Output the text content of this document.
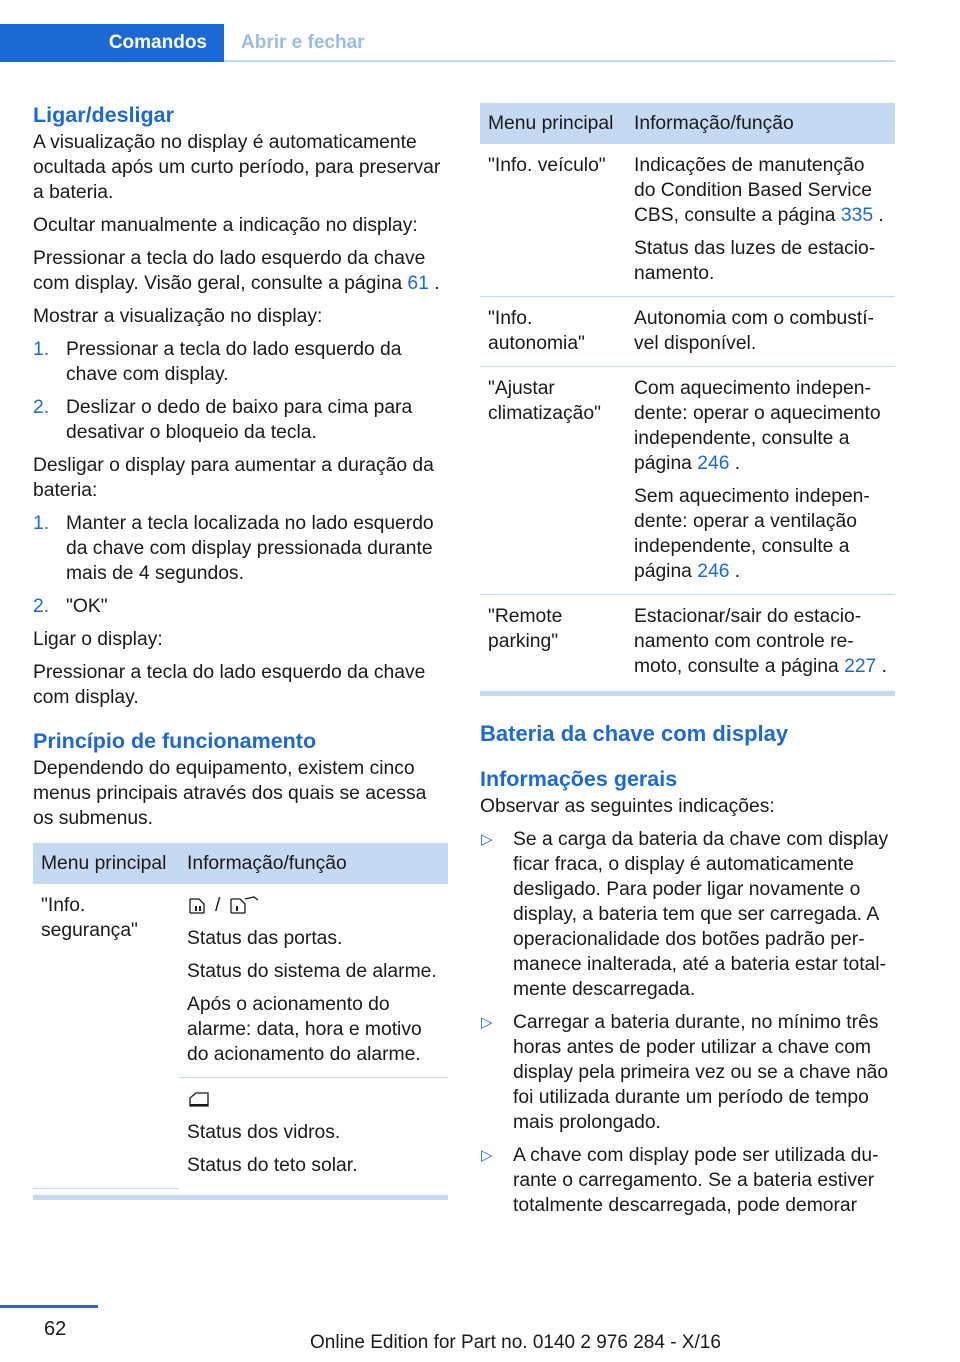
Comandos	Abrir e fechar
Ligar/desligar

A visualização no display é automaticamente ocultada após um curto período, para preservar a bateria.

Ocultar manualmente a indicação no display:

Pressionar a tecla do lado esquerdo da chave com display. Visão geral, consulte a página 61 .

Mostrar a visualização no display:

1. Pressionar a tecla do lado esquerdo da chave com display.
2. Deslizar o dedo de baixo para cima para desativar o bloqueio da tecla.

Desligar o display para aumentar a duração da bateria:

1. Manter a tecla localizada no lado esquerdo da chave com display pressionada durante mais de 4 segundos.
2. "OK"

Ligar o display:

Pressionar a tecla do lado esquerdo da chave com display.

Princípio de funcionamento

Dependendo do equipamento, existem cinco menus principais através dos quais se acessa os submenus.

Menu principal	Informação/função
"Info. segurança"	/

Status das portas.

Status do sistema de alarme.

Após o acionamento do alarme: data, hora e motivo do acionamento do alarme.

	Status dos vidros.

Status do teto solar.

Menu principal	Informação/função
"Info. veículo"	Indicações de manutenção do Condition Based Service CBS, consulte a página 335 .

Status das luzes de estacionamento.

"Info. autonomia"	Autonomia com o combustível disponível.

"Ajustar climatização"	Com aquecimento independente: operar o aquecimento independente, consulte a página 246 .

Sem aquecimento independente: operar a ventilação independente, consulte a página 246 .

"Remote parking"	Estacionar/sair do estacionamento com controle remoto, consulte a página 227 .

Bateria da chave com display
Informações gerais

Observar as seguintes indicações:

▷ Se a carga da bateria da chave com display ficar fraca, o display é automaticamente desligado. Para poder ligar novamente o display, a bateria tem que ser carregada. A operacionalidade dos botões padrão permanece inalterada, até a bateria estar totalmente descarregada.
▷ Carregar a bateria durante, no mínimo três horas antes de poder utilizar a chave com display pela primeira vez ou se a chave não foi utilizada durante um período de tempo mais prolongado.
▷ A chave com display pode ser utilizada durante o carregamento. Se a bateria estiver totalmente descarregada, pode demorar
62
Online Edition for Part no. 0140 2 976 284 - X/16
